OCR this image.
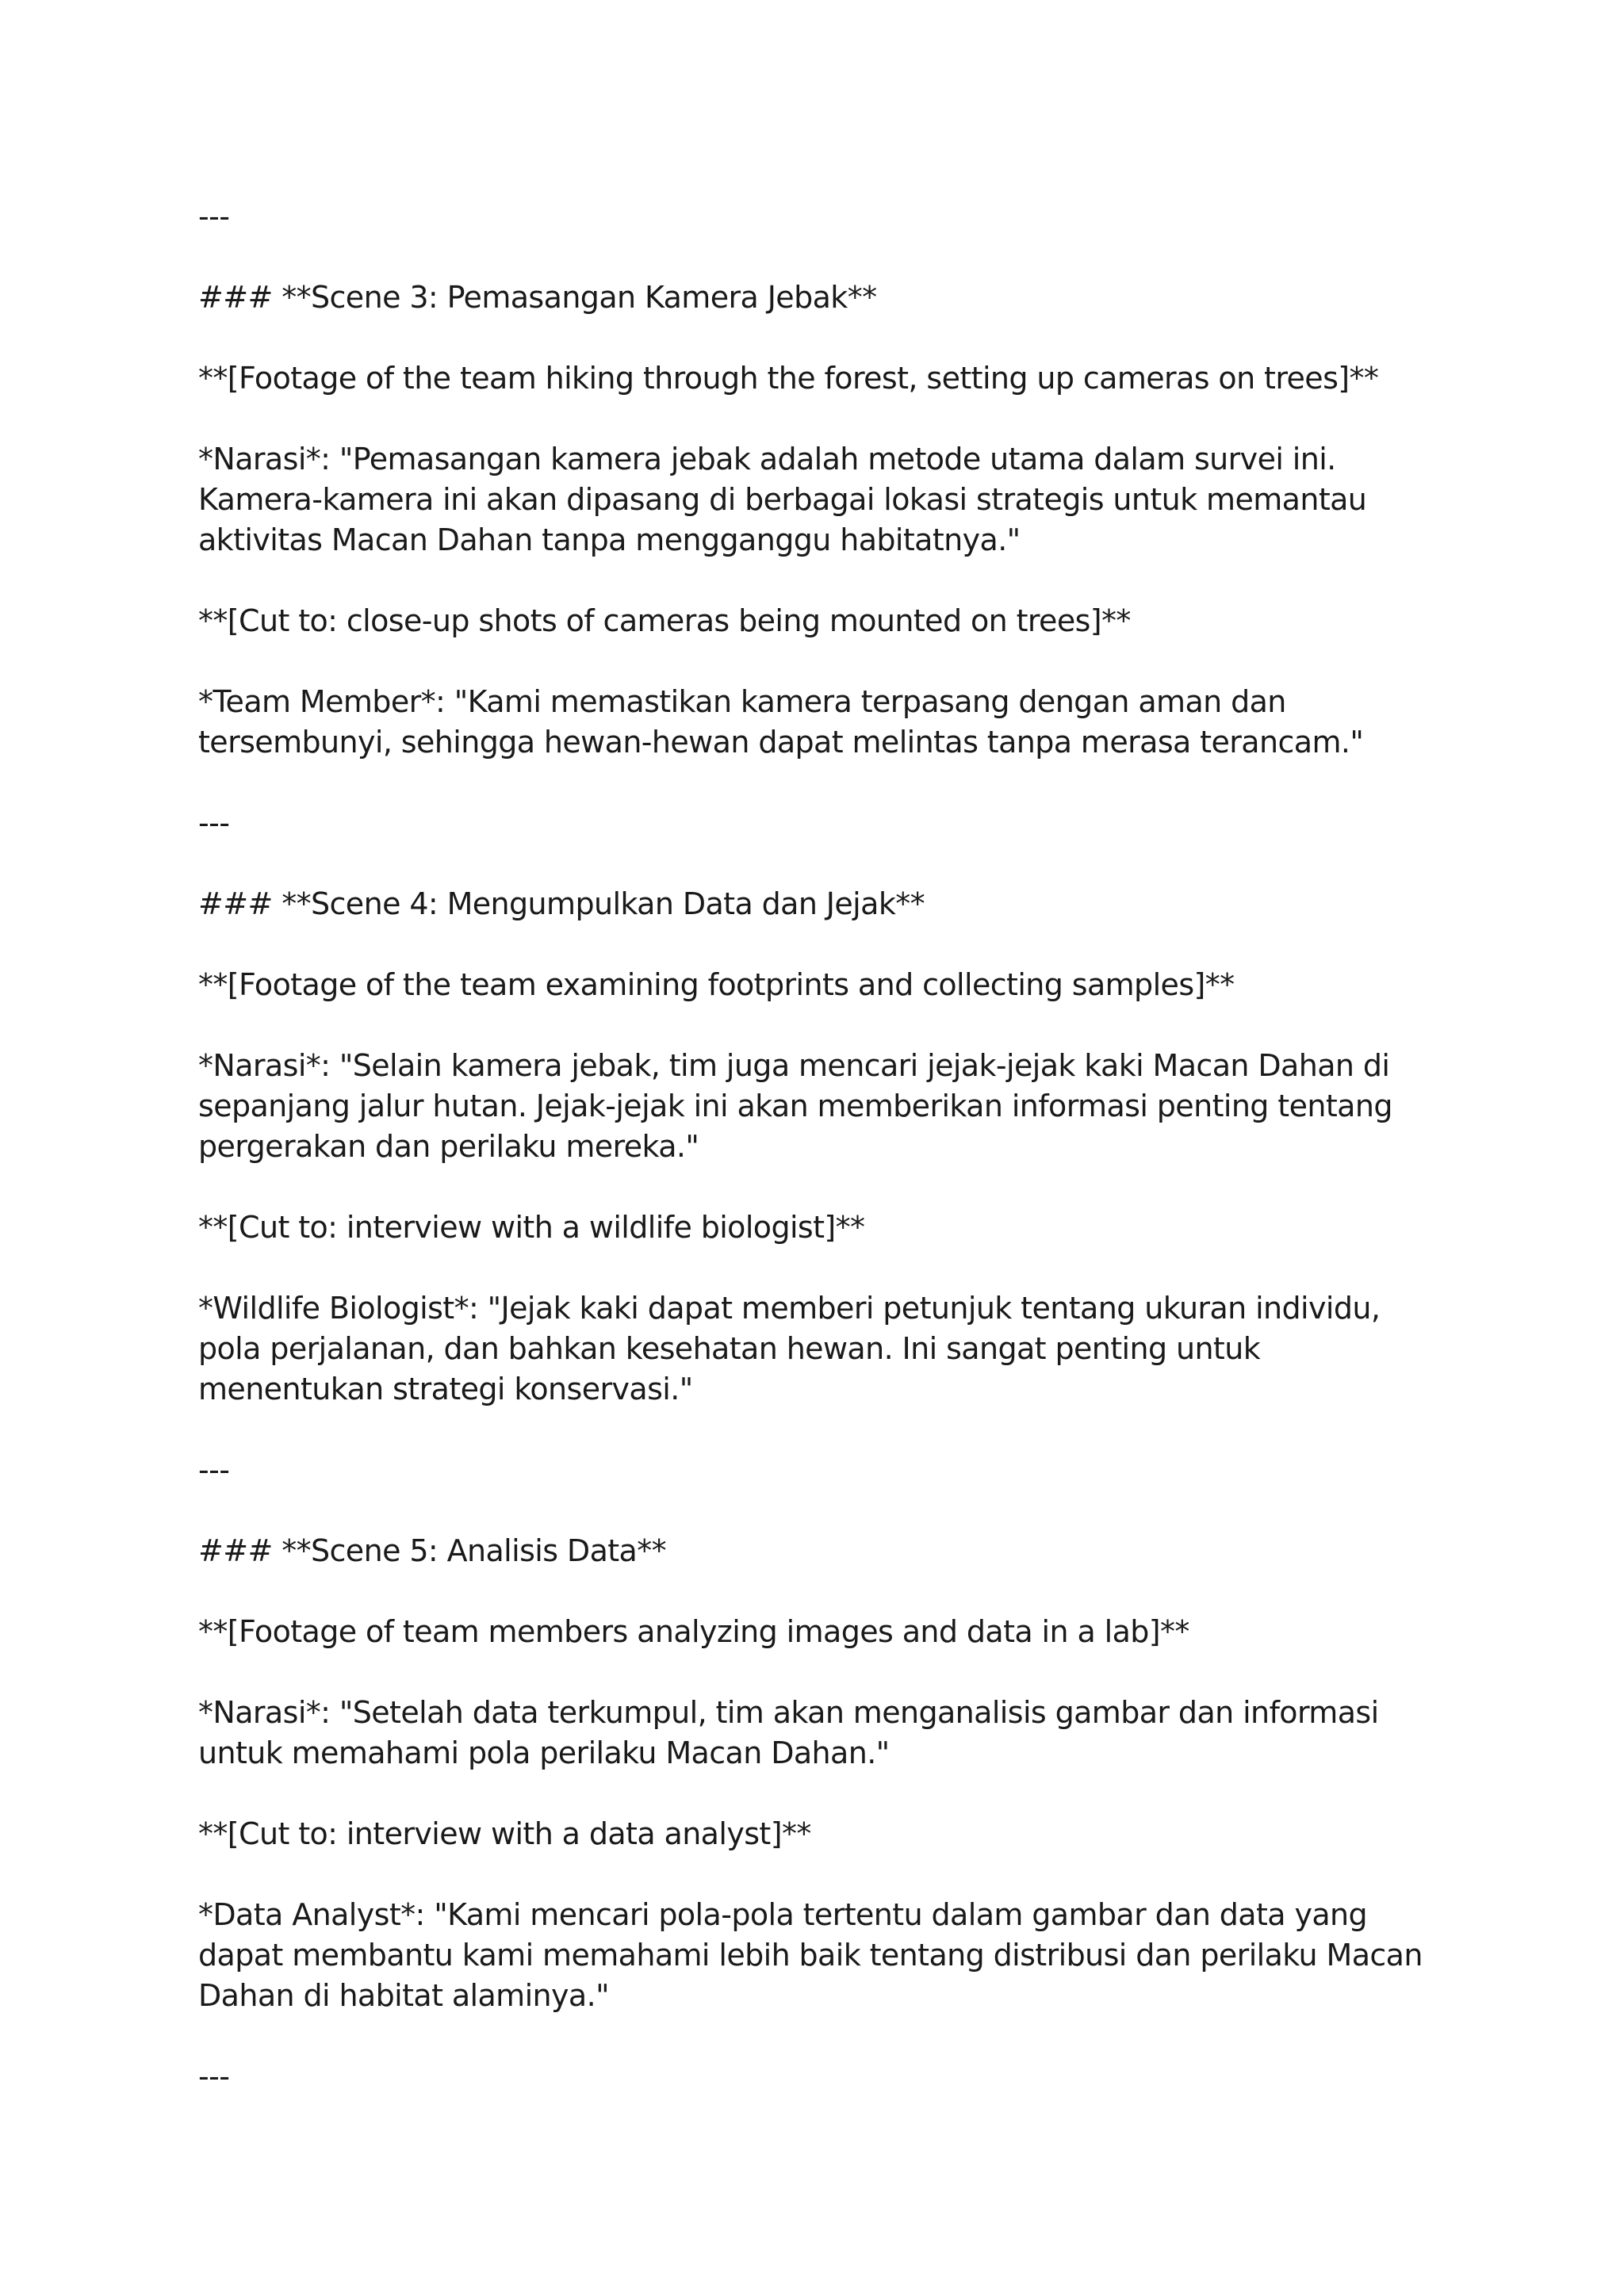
---

### **Scene 3: Pemasangan Kamera Jebak**

**[Footage of the team hiking through the forest, setting up cameras on trees]**

*Narasi*: "Pemasangan kamera jebak adalah metode utama dalam survei ini. Kamera-kamera ini akan dipasang di berbagai lokasi strategis untuk memantau aktivitas Macan Dahan tanpa mengganggu habitatnya."

**[Cut to: close-up shots of cameras being mounted on trees]**

*Team Member*: "Kami memastikan kamera terpasang dengan aman dan tersembunyi, sehingga hewan-hewan dapat melintas tanpa merasa terancam."

---

### **Scene 4: Mengumpulkan Data dan Jejak**

**[Footage of the team examining footprints and collecting samples]**

*Narasi*: "Selain kamera jebak, tim juga mencari jejak-jejak kaki Macan Dahan di sepanjang jalur hutan. Jejak-jejak ini akan memberikan informasi penting tentang pergerakan dan perilaku mereka."

**[Cut to: interview with a wildlife biologist]**

*Wildlife Biologist*: "Jejak kaki dapat memberi petunjuk tentang ukuran individu, pola perjalanan, dan bahkan kesehatan hewan. Ini sangat penting untuk menentukan strategi konservasi."

---

### **Scene 5: Analisis Data**

**[Footage of team members analyzing images and data in a lab]**

*Narasi*: "Setelah data terkumpul, tim akan menganalisis gambar dan informasi untuk memahami pola perilaku Macan Dahan."

**[Cut to: interview with a data analyst]**

*Data Analyst*: "Kami mencari pola-pola tertentu dalam gambar dan data yang dapat membantu kami memahami lebih baik tentang distribusi dan perilaku Macan Dahan di habitat alaminya."

---
